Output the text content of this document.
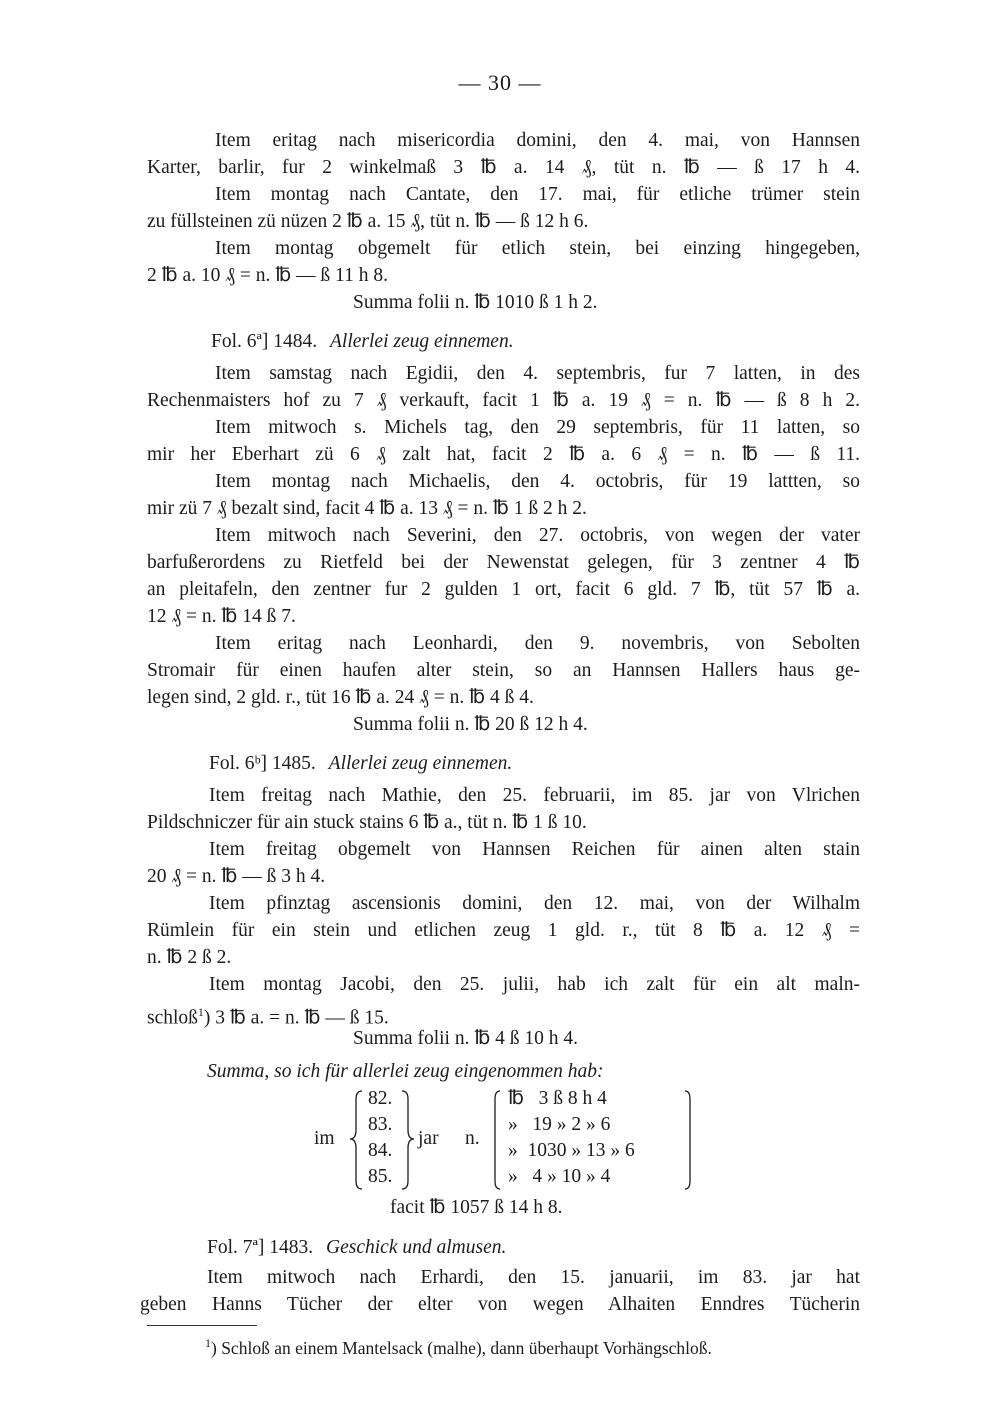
— 30 —
Item eritag nach misericordia domini, den 4. mai, von Hannsen
Karter, barlir, fur 2 winkelmaß 3 ℔ a. 14 ₰, tüt n. ℔ — ß 17 h 4.
Item montag nach Cantate, den 17. mai, für etliche trümer stein
zu füllsteinen zü nüzen 2 ℔ a. 15 ₰, tüt n. ℔ — ß 12 h 6.
Item montag obgemelt für etlich stein, bei einzing hingegeben,
2 ℔ a. 10 ₰ = n. ℔ — ß 11 h 8.
Summa folii n. ℔ 1010 ß 1 h 2.
Fol. 6ª] 1484. Allerlei zeug einnemen.
Item samstag nach Egidii, den 4. septembris, fur 7 latten, in des
Rechenmaisters hof zu 7 ₰ verkauft, facit 1 ℔ a. 19 ₰ = n. ℔ — ß 8 h 2.
Item mitwoch s. Michels tag, den 29 septembris, für 11 latten, so
mir her Eberhart zü 6 ₰ zalt hat, facit 2 ℔ a. 6 ₰ = n. ℔ — ß 11.
Item montag nach Michaelis, den 4. octobris, für 19 lattten, so
mir zü 7 ₰ bezalt sind, facit 4 ℔ a. 13 ₰ = n. ℔ 1 ß 2 h 2.
Item mitwoch nach Severini, den 27. octobris, von wegen der vater
barfußerordens zu Rietfeld bei der Newenstat gelegen, für 3 zentner 4 ℔
an pleitafeln, den zentner fur 2 gulden 1 ort, facit 6 gld. 7 ℔, tüt 57 ℔ a.
12 ₰ = n. ℔ 14 ß 7.
Item eritag nach Leonhardi, den 9. novembris, von Sebolten
Stromair für einen haufen alter stein, so an Hannsen Hallers haus ge-
legen sind, 2 gld. r., tüt 16 ℔ a. 24 ₰ = n. ℔ 4 ß 4.
Summa folii n. ℔ 20 ß 12 h 4.
Fol. 6ᵇ] 1485. Allerlei zeug einnemen.
Item freitag nach Mathie, den 25. februarii, im 85. jar von Vlrichen
Pildschniczer für ain stuck stains 6 ℔ a., tüt n. ℔ 1 ß 10.
Item freitag obgemelt von Hannsen Reichen für ainen alten stain
20 ₰ = n. ℔ — ß 3 h 4.
Item pfinztag ascensionis domini, den 12. mai, von der Wilhalm
Rümlein für ein stein und etlichen zeug 1 gld. r., tüt 8 ℔ a. 12 ₰ =
n. ℔ 2 ß 2.
Item montag Jacobi, den 25. julii, hab ich zalt für ein alt maln-
schloß$^1$) 3 ℔ a. = n. ℔ — ß 15.
Summa folii n. ℔ 4 ß 10 h 4.
Summa, so ich für allerlei zeug eingenommen hab:
im
82.
83.
84.
85.
jar n.
℔   3 ß 8 h 4
»   19 » 2 » 6
»  1030 » 13 » 6
»   4 » 10 » 4
facit ℔ 1057 ß 14 h 8.
Fol. 7ª] 1483. Geschick und almusen.
Item mitwoch nach Erhardi, den 15. januarii, im 83. jar hat
geben Hanns Tücher der elter von wegen Alhaiten Enndres Tücherin
$^1$) Schloß an einem Mantelsack (malhe), dann überhaupt Vorhängschloß.
